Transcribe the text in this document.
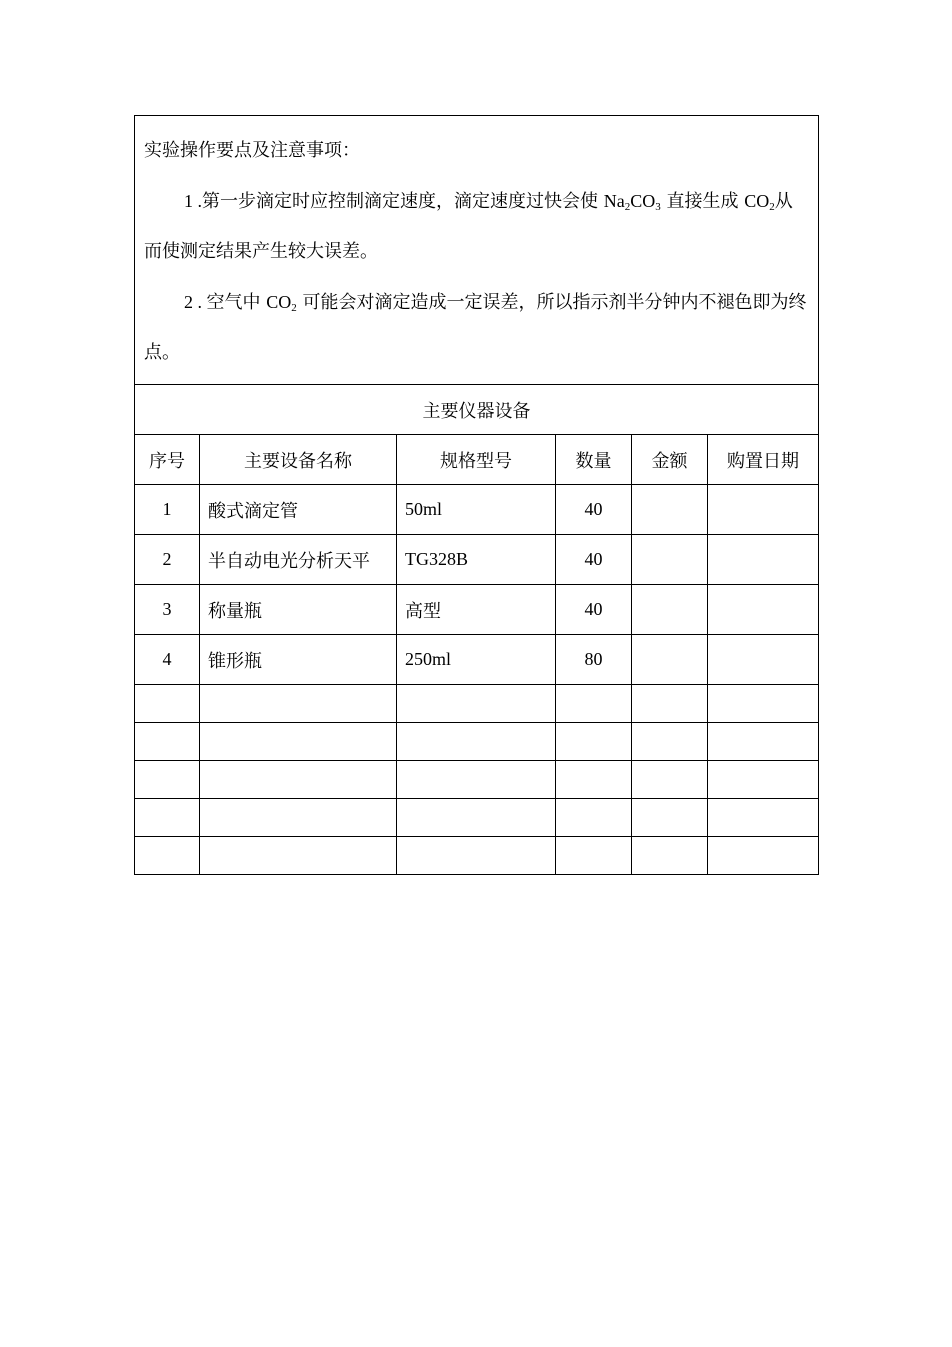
实验操作要点及注意事项：

1 .第一步滴定时应控制滴定速度，滴定速度过快会使 $Na_2CO_3$ 直接生成 $CO_2$从而使测定结果产生较大误差。

2 . 空气中 $CO_2$ 可能会对滴定造成一定误差，所以指示剂半分钟内不褪色即为终点。					

主要仪器设备					
序号	主要设备名称	规格型号	数量	金额	购置日期
1	酸式滴定管	50ml	40		
2	半自动电光分析天平	TG328B	40		
3	称量瓶	高型	40		
4	锥形瓶	250ml	80		
